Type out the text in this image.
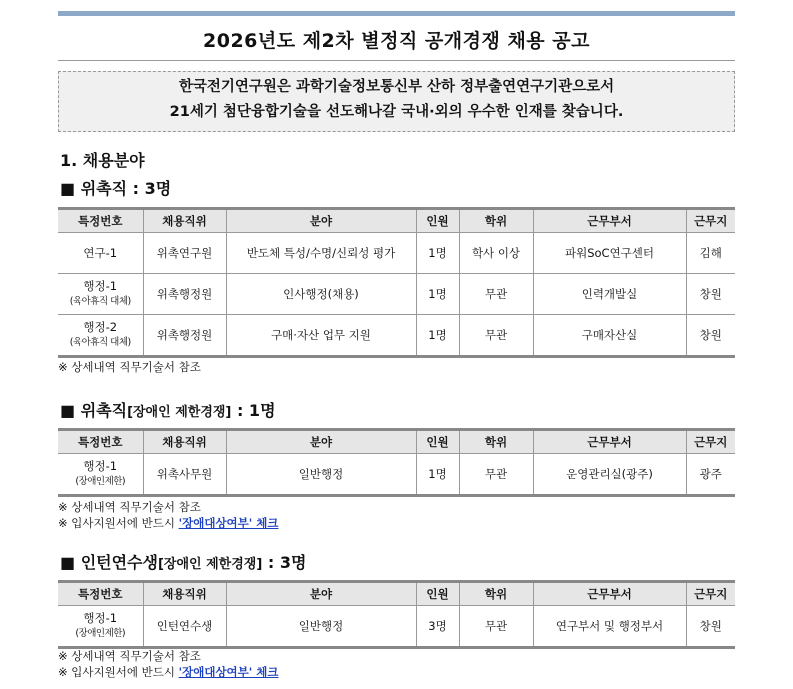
2026년도 제2차 별정직 공개경쟁 채용 공고
한국전기연구원은 과학기술정보통신부 산하 정부출연연구기관으로서
21세기 첨단융합기술을 선도해나갈 국내·외의 우수한 인재를 찾습니다.
1. 채용분야
■ 위촉직 : 3명
특정번호	채용직위	분야	인원	학위	근무부서	근무지
연구-1	위촉연구원	반도체 특성/수명/신뢰성 평가	1명	학사 이상	파워SoC연구센터	김해
행정-1
(육아휴직 대체)	위촉행정원	인사행정(채용)	1명	무관	인력개발실	창원
행정-2
(육아휴직 대체)	위촉행정원	구매·자산 업무 지원	1명	무관	구매자산실	창원
※ 상세내역 직무기술서 참조
■ 위촉직[장애인 제한경쟁] : 1명
특정번호	채용직위	분야	인원	학위	근무부서	근무지
행정-1
(장애인제한)	위촉사무원	일반행정	1명	무관	운영관리실(광주)	광주
※ 상세내역 직무기술서 참조
※ 입사지원서에 반드시 '장애대상여부' 체크
■ 인턴연수생[장애인 제한경쟁] : 3명
특정번호	채용직위	분야	인원	학위	근무부서	근무지
행정-1
(장애인제한)	인턴연수생	일반행정	3명	무관	연구부서 및 행정부서	창원
※ 상세내역 직무기술서 참조
※ 입사지원서에 반드시 '장애대상여부' 체크
